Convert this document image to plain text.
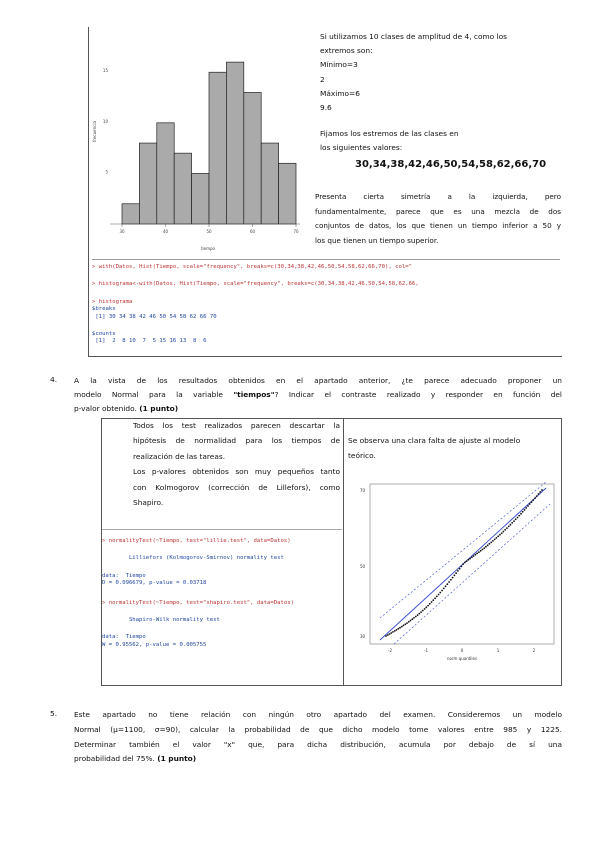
30	40	50	60	70
5
10
15
tiempo
frecuencia
Si utilizamos 10 clases de amplitud de 4, como los
extremos son:
Mínimo=3
2
Máximo=6
9.6
Fijamos los estremos de las clases en
los siguientes valores:
30,34,38,42,46,50,54,58,62,66,70
Presenta cierta simetría a la izquierda, pero
fundamentalmente, parece que es una mezcla de dos
conjuntos de datos, los que tienen un tiempo inferior a 50 y
los que tienen un tiempo superior.
> with(Datos, Hist(Tiempo, scale="frequency", breaks=c(30,34,38,42,46,50,54,58,62,66,70), col="
> histograma<-with(Datos, Hist(Tiempo, scale="frequency", breaks=c(30,34,38,42,46,50,54,58,62,66,
> histograma
$breaks
[1] 30 34 38 42 46 50 54 58 62 66 70
$counts
[1]  2  8 10  7  5 15 16 13  8  6
4. A la vista de los resultados obtenidos en el apartado anterior, ¿te parece adecuado proponer un
modelo Normal para la variable "tiempos"? Indicar el contraste realizado y responder en función del
p-valor obtenido. (1 punto)
Todos los test realizados parecen descartar la
hipótesis de normalidad para los tiempos de
realización de las tareas.
Los p-valores obtenidos son muy pequeños tanto
con Kolmogorov (corrección de Lillefors), como
Shapiro.
Se observa una clara falta de ajuste al modelo
teórico.
> normalityTest(~Tiempo, test="lillie.test", data=Datos)
Lilliefors (Kolmogorov-Smirnov) normality test
data:  Tiempo
D = 0.096679, p-value = 0.03718
> normalityTest(~Tiempo, test="shapiro.test", data=Datos)
Shapiro-Wilk normality test
data:  Tiempo
W = 0.95562, p-value = 0.005755
70
50
30
-2	-1	0	1	2
norm quantiles
5. Este apartado no tiene relación con ningún otro apartado del examen. Consideremos un modelo
Normal (μ=1100, σ=90), calcular la probabilidad de que dicho modelo tome valores entre 985 y 1225.
Determinar también el valor "x" que, para dicha distribución, acumula por debajo de sí una
probabilidad del 75%. (1 punto)
